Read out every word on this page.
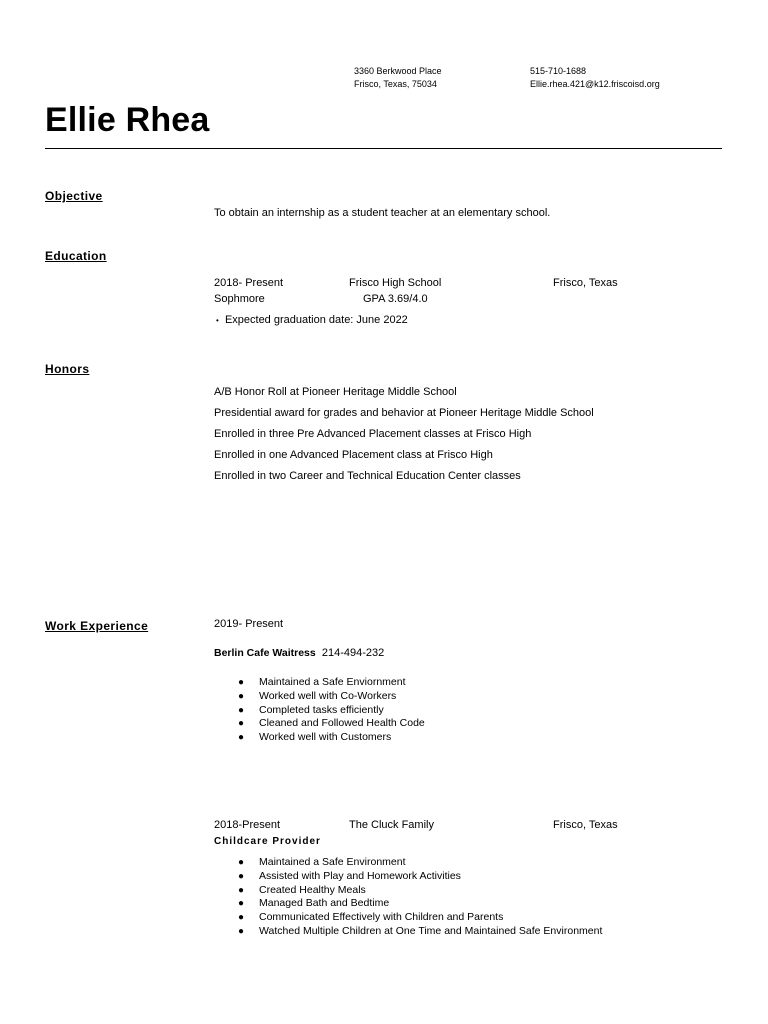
3360 Berkwood Place
Frisco, Texas, 75034
515-710-1688
Ellie.rhea.421@k12.friscoisd.org
Ellie Rhea
Objective
To obtain an internship as a student teacher at an elementary school.
Education
2018- Present	Frisco High School	Frisco, Texas
Sophmore	GPA 3.69/4.0
• Expected graduation date: June 2022
Honors
A/B Honor Roll at Pioneer Heritage Middle School
Presidential award for grades and behavior at Pioneer Heritage Middle School
Enrolled in three Pre Advanced Placement classes at Frisco High
Enrolled in one Advanced Placement class at Frisco High
Enrolled in two Career and Technical Education Center classes
Work Experience	2019- Present
Berlin Cafe Waitress 214-494-232
● Maintained a Safe Enviornment
● Worked well with Co-Workers
● Completed tasks efficiently
● Cleaned and Followed Health Code
● Worked well with Customers
2018-Present	The Cluck Family	Frisco, Texas
Childcare Provider
● Maintained a Safe Environment
● Assisted with Play and Homework Activities
● Created Healthy Meals
● Managed Bath and Bedtime
● Communicated Effectively with Children and Parents
● Watched Multiple Children at One Time and Maintained Safe Environment
